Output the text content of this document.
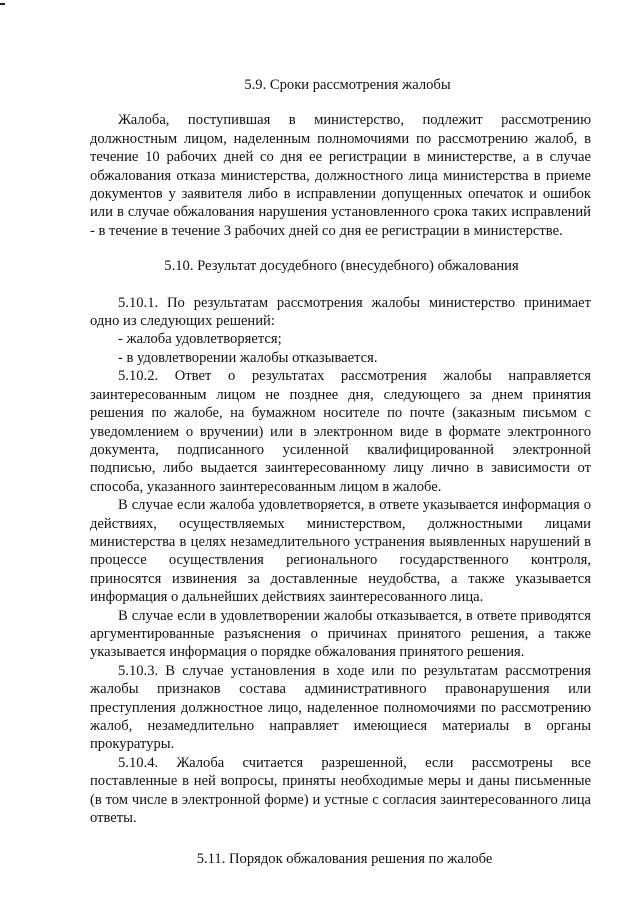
5.9. Сроки рассмотрения жалобы

Жалоба, поступившая в министерство, подлежит рассмотрению должностным лицом, наделенным полномочиями по рассмотрению жалоб, в течение 10 рабочих дней со дня ее регистрации в министерстве, а в случае обжалования отказа министерства, должностного лица министерства в приеме документов у заявителя либо в исправлении допущенных опечаток и ошибок или в случае обжалования нарушения установленного срока таких исправлений - в течение в течение 3 рабочих дней со дня ее регистрации в министерстве.

5.10. Результат досудебного (внесудебного) обжалования

5.10.1. По результатам рассмотрения жалобы министерство принимает одно из следующих решений:

- жалоба удовлетворяется;

- в удовлетворении жалобы отказывается.

5.10.2. Ответ о результатах рассмотрения жалобы направляется заинтересованным лицом не позднее дня, следующего за днем принятия решения по жалобе, на бумажном носителе по почте (заказным письмом с уведомлением о вручении) или в электронном виде в формате электронного документа, подписанного усиленной квалифицированной электронной подписью, либо выдается заинтересованному лицу лично в зависимости от способа, указанного заинтересованным лицом в жалобе.

В случае если жалоба удовлетворяется, в ответе указывается информация о действиях, осуществляемых министерством, должностными лицами министерства в целях незамедлительного устранения выявленных нарушений в процессе осуществления регионального государственного контроля, приносятся извинения за доставленные неудобства, а также указывается информация о дальнейших действиях заинтересованного лица.

В случае если в удовлетворении жалобы отказывается, в ответе приводятся аргументированные разъяснения о причинах принятого решения, а также указывается информация о порядке обжалования принятого решения.

5.10.3. В случае установления в ходе или по результатам рассмотрения жалобы признаков состава административного правонарушения или преступления должностное лицо, наделенное полномочиями по рассмотрению жалоб, незамедлительно направляет имеющиеся материалы в органы прокуратуры.

5.10.4. Жалоба считается разрешенной, если рассмотрены все поставленные в ней вопросы, приняты необходимые меры и даны письменные (в том числе в электронной форме) и устные с согласия заинтересованного лица ответы.

5.11. Порядок обжалования решения по жалобе
